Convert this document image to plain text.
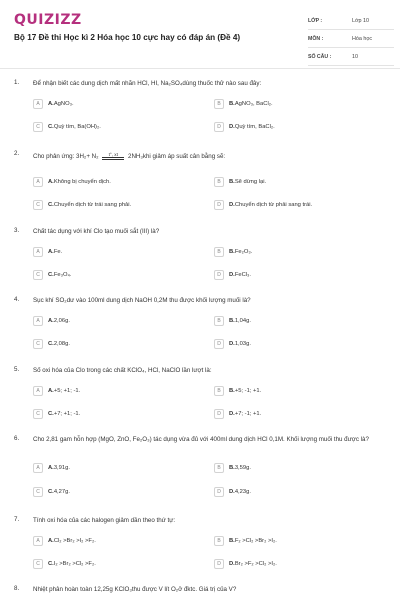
QUIZIZZ
Bộ 17 Đề thi Học kì 2 Hóa học 10 cực hay có đáp án (Đề 4)
LỚP :	Lớp 10
MÔN :	Hóa học
SỐ CÂU :	10
1. Để nhận biết các dung dịch mất nhãn HCl, HI, Na₂SO₄dùng thuốc thử nào sau đây:
A	A. AgNO₃.	B	B. AgNO₃, BaCl₂.
C	C. Quỳ tím, Ba(OH)₂.	D	D. Quỳ tím, BaCl₂.
2. Cho phản ứng: 3H₂+ N₂ t°, xt 2NH₃khi giảm áp suất cân bằng sẽ:
A	A. Không bị chuyển dịch.	B	B. Sẽ dừng lại.
C	C. Chuyển dịch từ trái sang phải.	D	D. Chuyển dịch từ phải sang trái.
3. Chất tác dụng với khí Clo tạo muối sắt (III) là?
A	A. Fe.	B	B. Fe₂O₃.
C	C. Fe₃O₄.	D	D. FeCl₃.
4. Sục khí SO₂dư vào 100ml dung dịch NaOH 0,2M thu được khối lượng muối là?
A	A. 2,06g.	B	B. 1,04g.
C	C. 2,08g.	D	D. 1,03g.
5. Số oxi hóa của Clo trong các chất KClO₄, HCl, NaClO lần lượt là:
A	A. +5; +1; -1.	B	B. +5; -1; +1.
C	C. +7; +1; -1.	D	D. +7; -1; +1.
6. Cho 2,81 gam hỗn hợp (MgO, ZnO, Fe₂O₃) tác dụng vừa đủ với 400ml dung dịch HCl 0,1M. Khối lượng muối thu được là?
A	A. 3,91g.	B	B. 3,59g.
C	C. 4,27g.	D	D. 4,23g.
7. Tính oxi hóa của các halogen giảm dần theo thứ tự:
A	A. Cl₂ >Br₂ >I₂ >F₂.	B	B. F₂ >Cl₂ >Br₂ >I₂.
C	C. I₂ >Br₂ >Cl₂ >F₂.	D	D. Br₂ >F₂ >Cl₂ >I₂.
8. Nhiệt phân hoàn toàn 12,25g KClO₃thu được V lít O₂ở đktc. Giá trị của V?
